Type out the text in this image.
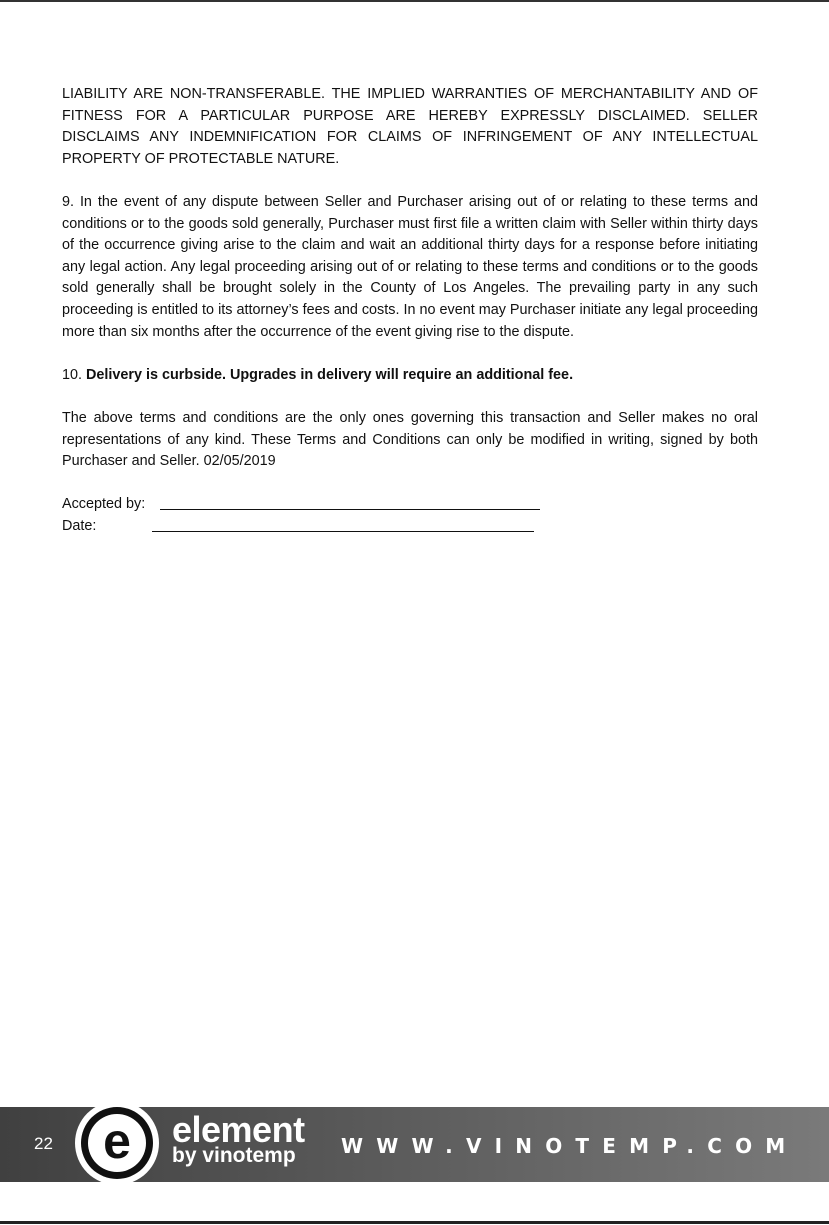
LIABILITY ARE NON-TRANSFERABLE. THE IMPLIED WARRANTIES OF MERCHANTABILITY AND OF FITNESS FOR A PARTICULAR PURPOSE ARE HEREBY EXPRESSLY DISCLAIMED. SELLER DISCLAIMS ANY INDEMNIFICATION FOR CLAIMS OF INFRINGEMENT OF ANY INTELLECTUAL PROPERTY OF PROTECTABLE NATURE.

9. In the event of any dispute between Seller and Purchaser arising out of or relating to these terms and conditions or to the goods sold generally, Purchaser must first file a written claim with Seller within thirty days of the occurrence giving arise to the claim and wait an additional thirty days for a response before initiating any legal action. Any legal proceeding arising out of or relating to these terms and conditions or to the goods sold generally shall be brought solely in the County of Los Angeles. The prevailing party in any such proceeding is entitled to its attorney’s fees and costs. In no event may Purchaser initiate any legal proceeding more than six months after the occurrence of the event giving rise to the dispute.

10. Delivery is curbside. Upgrades in delivery will require an additional fee.

The above terms and conditions are the only ones governing this transaction and Seller makes no oral representations of any kind. These Terms and Conditions can only be modified in writing, signed by both Purchaser and Seller. 02/05/2019

Accepted by:
Date:
22 e element
by vinotemp WWW.VINOTEMP.COM
